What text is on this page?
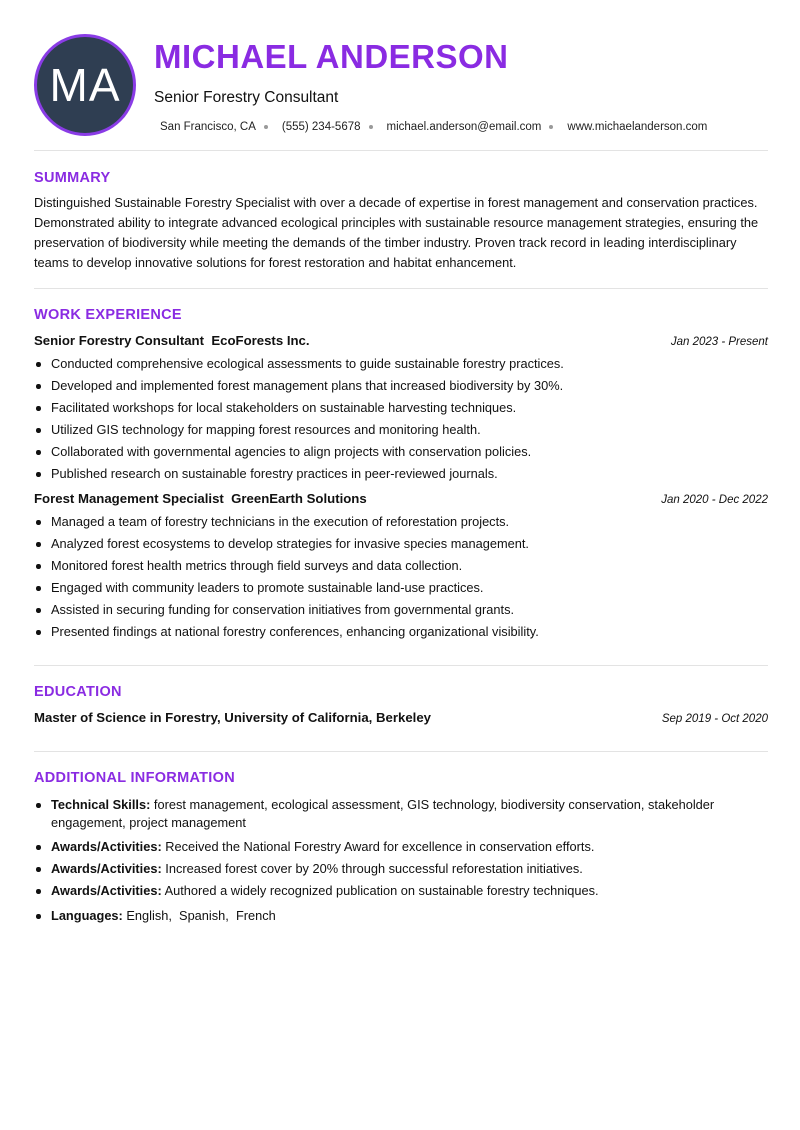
MA
MICHAEL ANDERSON
Senior Forestry Consultant
San Francisco, CA (555) 234-5678 michael.anderson@email.com www.michaelanderson.com
SUMMARY

Distinguished Sustainable Forestry Specialist with over a decade of expertise in forest management and conservation practices. Demonstrated ability to integrate advanced ecological principles with sustainable resource management strategies, ensuring the preservation of biodiversity while meeting the demands of the timber industry. Proven track record in leading interdisciplinary teams to develop innovative solutions for forest restoration and habitat enhancement.

WORK EXPERIENCE
Senior Forestry Consultant EcoForests Inc.	Jan 2023 - Present
Conducted comprehensive ecological assessments to guide sustainable forestry practices.
Developed and implemented forest management plans that increased biodiversity by 30%.
Facilitated workshops for local stakeholders on sustainable harvesting techniques.
Utilized GIS technology for mapping forest resources and monitoring health.
Collaborated with governmental agencies to align projects with conservation policies.
Published research on sustainable forestry practices in peer-reviewed journals.
Forest Management Specialist GreenEarth Solutions	Jan 2020 - Dec 2022
Managed a team of forestry technicians in the execution of reforestation projects.
Analyzed forest ecosystems to develop strategies for invasive species management.
Monitored forest health metrics through field surveys and data collection.
Engaged with community leaders to promote sustainable land-use practices.
Assisted in securing funding for conservation initiatives from governmental grants.
Presented findings at national forestry conferences, enhancing organizational visibility.
EDUCATION
Master of Science in Forestry, University of California, Berkeley	Sep 2019 - Oct 2020
ADDITIONAL INFORMATION
Technical Skills: forest management, ecological assessment, GIS technology, biodiversity conservation, stakeholder engagement, project management
Awards/Activities: Received the National Forestry Award for excellence in conservation efforts.
Awards/Activities: Increased forest cover by 20% through successful reforestation initiatives.
Awards/Activities: Authored a widely recognized publication on sustainable forestry techniques.
Languages: English,  Spanish,  French
